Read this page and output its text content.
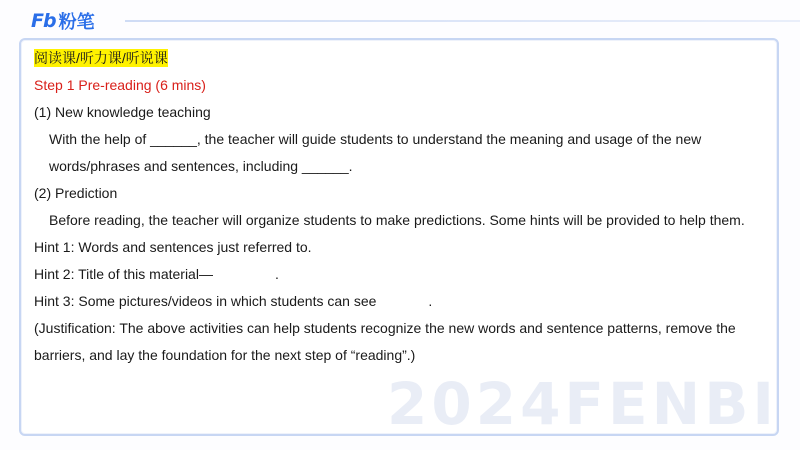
Fb 粉笔
2024FENBI

阅读课/听力课/听说课

Step 1 Pre-reading (6 mins)

(1) New knowledge teaching

With the help of ______, the teacher will guide students to understand the meaning and usage of the new words/phrases and sentences, including ______.

(2) Prediction

Before reading, the teacher will organize students to make predictions. Some hints will be provided to help them.

Hint 1: Words and sentences just referred to.

Hint 2: Title of this material—	.

Hint 3: Some pictures/videos in which students can see	.

(Justification: The above activities can help students recognize the new words and sentence patterns, remove the barriers, and lay the foundation for the next step of “reading”.)
